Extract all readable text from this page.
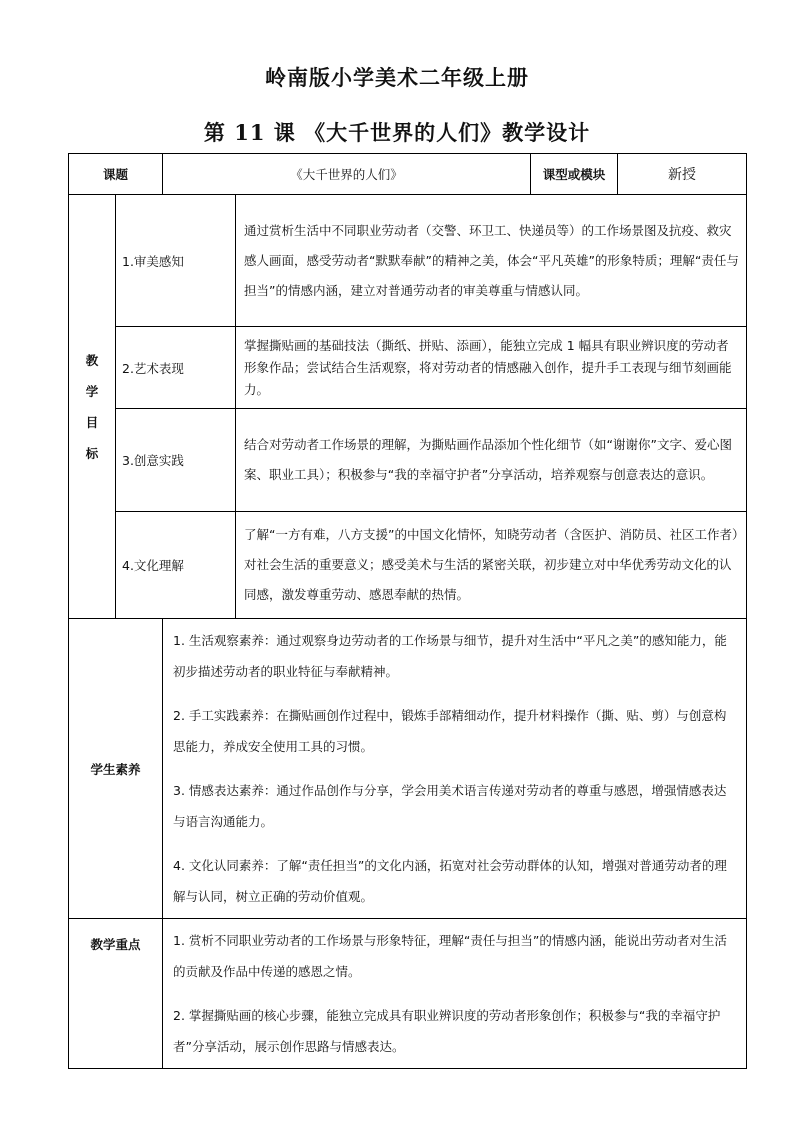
岭南版小学美术二年级上册
第 11 课 《大千世界的人们》教学设计
课题		《大千世界的人们》		课型或模块	新授
教
学
目
标	1.审美感知		通过赏析生活中不同职业劳动者（交警、环卫工、快递员等）的工作场景图及抗疫、救灾感人画面，感受劳动者“默默奉献”的精神之美，体会“平凡英雄”的形象特质；理解“责任与担当”的情感内涵，建立对普通劳动者的审美尊重与情感认同。		
	2.艺术表现		掌握撕贴画的基础技法（撕纸、拼贴、添画），能独立完成 1 幅具有职业辨识度的劳动者形象作品；尝试结合生活观察，将对劳动者的情感融入创作，提升手工表现与细节刻画能力。		
	3.创意实践		结合对劳动者工作场景的理解，为撕贴画作品添加个性化细节（如“谢谢你”文字、爱心图案、职业工具）；积极参与“我的幸福守护者”分享活动，培养观察与创意表达的意识。		
	4.文化理解		了解“一方有难，八方支援”的中国文化情怀，知晓劳动者（含医护、消防员、社区工作者）对社会生活的重要意义；感受美术与生活的紧密关联，初步建立对中华优秀劳动文化的认同感，激发尊重劳动、感恩奉献的热情。		
学生素养		1. 生活观察素养：通过观察身边劳动者的工作场景与细节，提升对生活中“平凡之美”的感知能力，能初步描述劳动者的职业特征与奉献精神。

2. 手工实践素养：在撕贴画创作过程中，锻炼手部精细动作，提升材料操作（撕、贴、剪）与创意构思能力，养成安全使用工具的习惯。

3. 情感表达素养：通过作品创作与分享，学会用美术语言传递对劳动者的尊重与感恩，增强情感表达与语言沟通能力。

4. 文化认同素养：了解“责任担当”的文化内涵，拓宽对社会劳动群体的认知，增强对普通劳动者的理解与认同，树立正确的劳动价值观。			

教学重点		1. 赏析不同职业劳动者的工作场景与形象特征，理解“责任与担当”的情感内涵，能说出劳动者对生活的贡献及作品中传递的感恩之情。

2. 掌握撕贴画的核心步骤，能独立完成具有职业辨识度的劳动者形象创作；积极参与“我的幸福守护者”分享活动，展示创作思路与情感表达。			
